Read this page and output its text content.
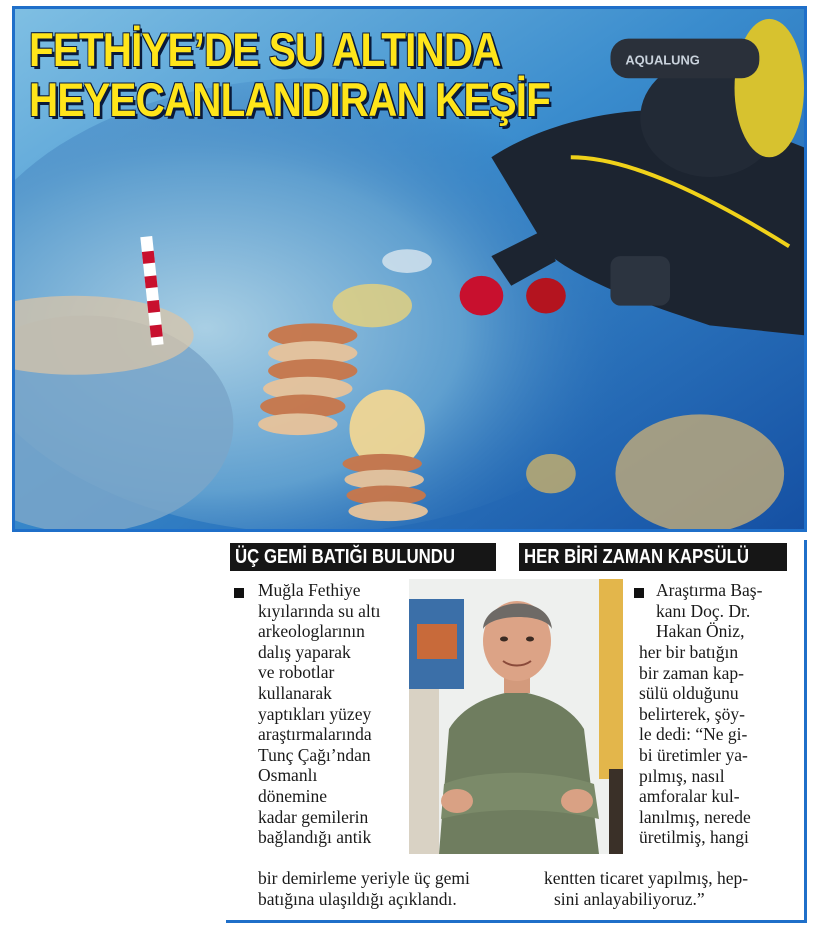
AQUALUNG
FETHİYE’DE SU ALTINDA
HEYECANLANDIRAN KEŞİF
ÜÇ GEMİ BATIĞI BULUNDU	HER BİRİ ZAMAN KAPSÜLÜ

Muğla Fethiye
kıyılarında su altı
arkeologlarının
dalış yaparak
ve robotlar
kullanarak
yaptıkları yüzey
araştırmalarında
Tunç Çağı’ndan
Osmanlı
dönemine
kadar gemilerin
bağlandığı antik

bir demirleme yeriyle üç gemi
batığına ulaşıldığı açıklandı.

Araştırma Baş-
kanı Doç. Dr.
Hakan Öniz,

her bir batığın
bir zaman kap-
sülü olduğunu
belirterek, şöy-
le dedi: “Ne gi-
bi üretimler ya-
pılmış, nasıl
amforalar kul-
lanılmış, nerede
üretilmiş, hangi

kentten ticaret yapılmış, hep-
sini anlayabiliyoruz.”
